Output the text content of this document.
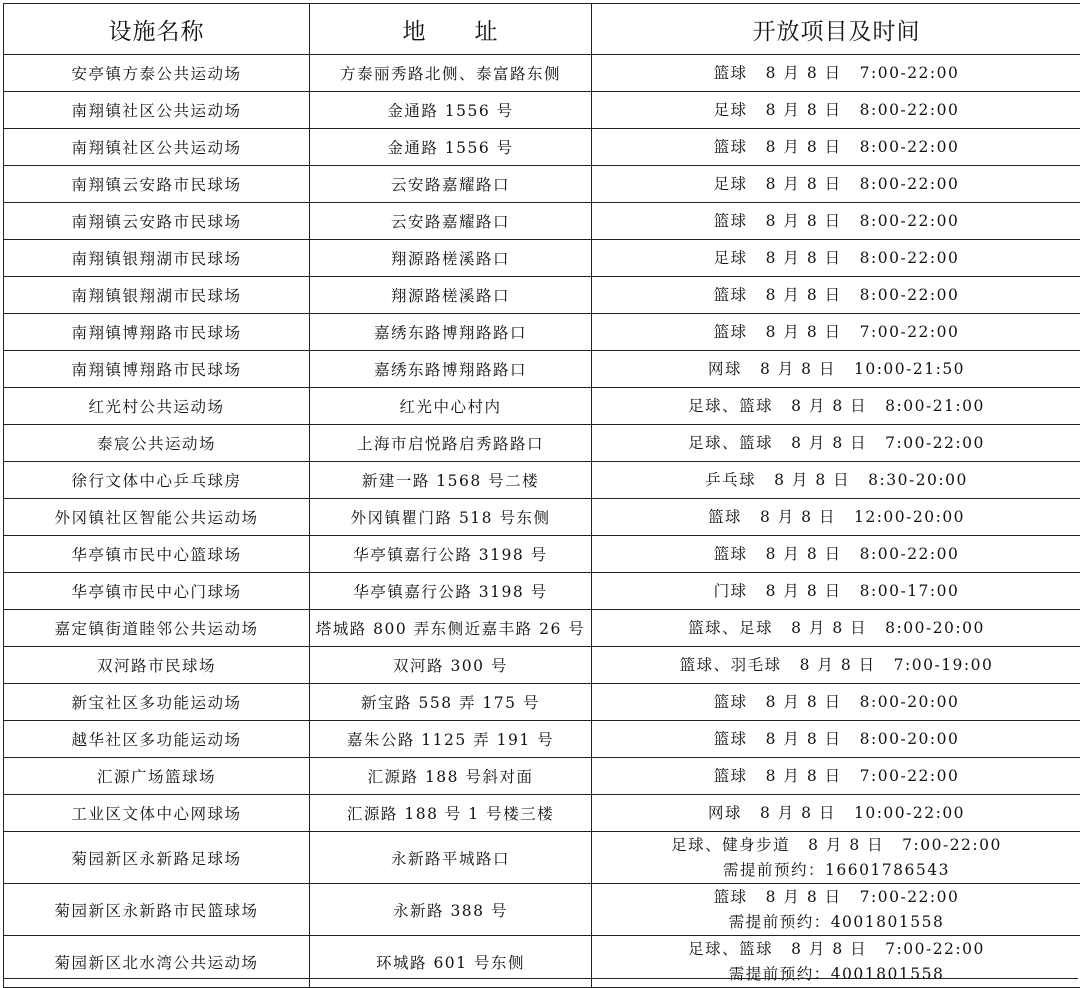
设施名称	地　　址	开放项目及时间
安亭镇方泰公共运动场	方泰丽秀路北侧、泰富路东侧	篮球 8 月 8 日 7:00-22:00

南翔镇社区公共运动场	金通路 1556 号	足球 8 月 8 日 8:00-22:00

南翔镇社区公共运动场	金通路 1556 号	篮球 8 月 8 日 8:00-22:00

南翔镇云安路市民球场	云安路嘉耀路口	足球 8 月 8 日 8:00-22:00

南翔镇云安路市民球场	云安路嘉耀路口	篮球 8 月 8 日 8:00-22:00

南翔镇银翔湖市民球场	翔源路槎溪路口	足球 8 月 8 日 8:00-22:00

南翔镇银翔湖市民球场	翔源路槎溪路口	篮球 8 月 8 日 8:00-22:00

南翔镇博翔路市民球场	嘉绣东路博翔路路口	篮球 8 月 8 日 7:00-22:00

南翔镇博翔路市民球场	嘉绣东路博翔路路口	网球 8 月 8 日 10:00-21:50

红光村公共运动场	红光中心村内	足球、篮球 8 月 8 日 8:00-21:00

泰宸公共运动场	上海市启悦路启秀路路口	足球、篮球 8 月 8 日 7:00-22:00

徐行文体中心乒乓球房	新建一路 1568 号二楼	乒乓球 8 月 8 日 8:30-20:00

外冈镇社区智能公共运动场	外冈镇瞿门路 518 号东侧	篮球 8 月 8 日 12:00-20:00

华亭镇市民中心篮球场	华亭镇嘉行公路 3198 号	篮球 8 月 8 日 8:00-22:00

华亭镇市民中心门球场	华亭镇嘉行公路 3198 号	门球 8 月 8 日 8:00-17:00

嘉定镇街道睦邻公共运动场	塔城路 800 弄东侧近嘉丰路 26 号	篮球、足球 8 月 8 日 8:00-20:00

双河路市民球场	双河路 300 号	篮球、羽毛球 8 月 8 日 7:00-19:00

新宝社区多功能运动场	新宝路 558 弄 175 号	篮球 8 月 8 日 8:00-20:00

越华社区多功能运动场	嘉朱公路 1125 弄 191 号	篮球 8 月 8 日 8:00-20:00

汇源广场篮球场	汇源路 188 号斜对面	篮球 8 月 8 日 7:00-22:00

工业区文体中心网球场	汇源路 188 号 1 号楼三楼	网球 8 月 8 日 10:00-22:00

菊园新区永新路足球场	永新路平城路口	足球、健身步道 8 月 8 日 7:00-22:00
需提前预约：16601786543

菊园新区永新路市民篮球场	永新路 388 号	篮球 8 月 8 日 7:00-22:00
需提前预约：4001801558

菊园新区北水湾公共运动场	环城路 601 号东侧	足球、篮球 8 月 8 日 7:00-22:00
需提前预约：4001801558
